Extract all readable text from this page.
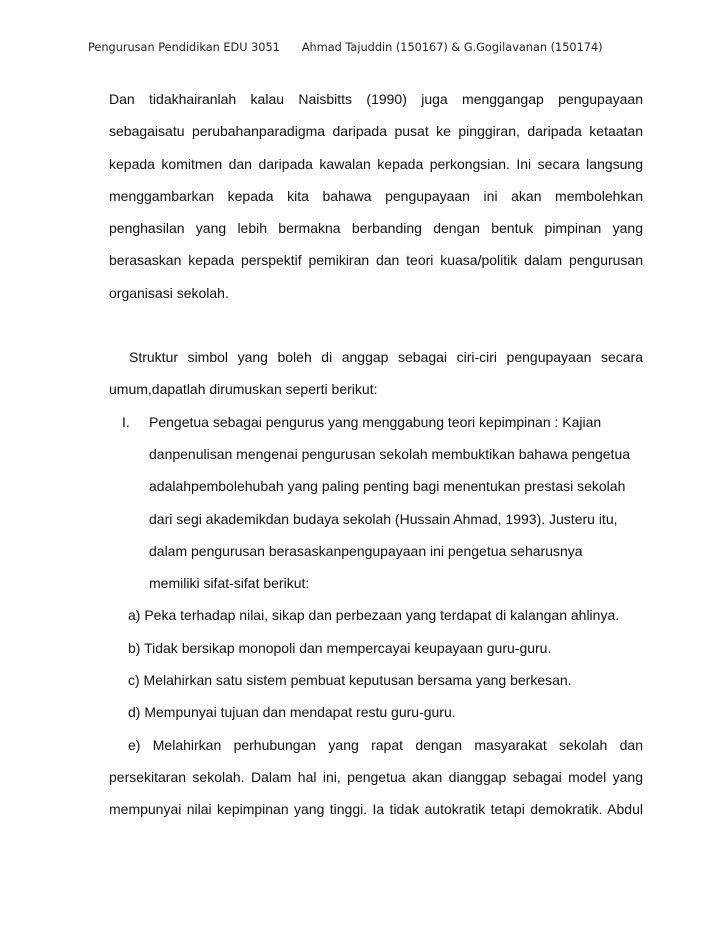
Pengurusan Pendidikan EDU 3051 Ahmad Tajuddin (150167) & G.Gogilavanan (150174)

Dan tidakhairanlah kalau Naisbitts (1990) juga menggangap pengupayaan

sebagaisatu perubahanparadigma daripada pusat ke pinggiran, daripada ketaatan

kepada komitmen dan daripada kawalan kepada perkongsian. Ini secara langsung

menggambarkan kepada kita bahawa pengupayaan ini akan membolehkan

penghasilan yang lebih bermakna berbanding dengan bentuk pimpinan yang

berasaskan kepada perspektif pemikiran dan teori kuasa/politik dalam pengurusan

organisasi sekolah.

Struktur simbol yang boleh di anggap sebagai ciri-ciri pengupayaan secara

umum,dapatlah dirumuskan seperti berikut:

I.	Pengetua sebagai pengurus yang menggabung teori kepimpinan : Kajian

danpenulisan mengenai pengurusan sekolah membuktikan bahawa pengetua

adalahpembolehubah yang paling penting bagi menentukan prestasi sekolah

dari segi akademikdan budaya sekolah (Hussain Ahmad, 1993). Justeru itu,

dalam pengurusan berasaskanpengupayaan ini pengetua seharusnya

memiliki sifat-sifat berikut:

a) Peka terhadap nilai, sikap dan perbezaan yang terdapat di kalangan ahlinya.

b) Tidak bersikap monopoli dan mempercayai keupayaan guru-guru.

c) Melahirkan satu sistem pembuat keputusan bersama yang berkesan.

d) Mempunyai tujuan dan mendapat restu guru-guru.

e) Melahirkan perhubungan yang rapat dengan masyarakat sekolah dan

persekitaran sekolah. Dalam hal ini, pengetua akan dianggap sebagai model yang

mempunyai nilai kepimpinan yang tinggi. Ia tidak autokratik tetapi demokratik. Abdul
